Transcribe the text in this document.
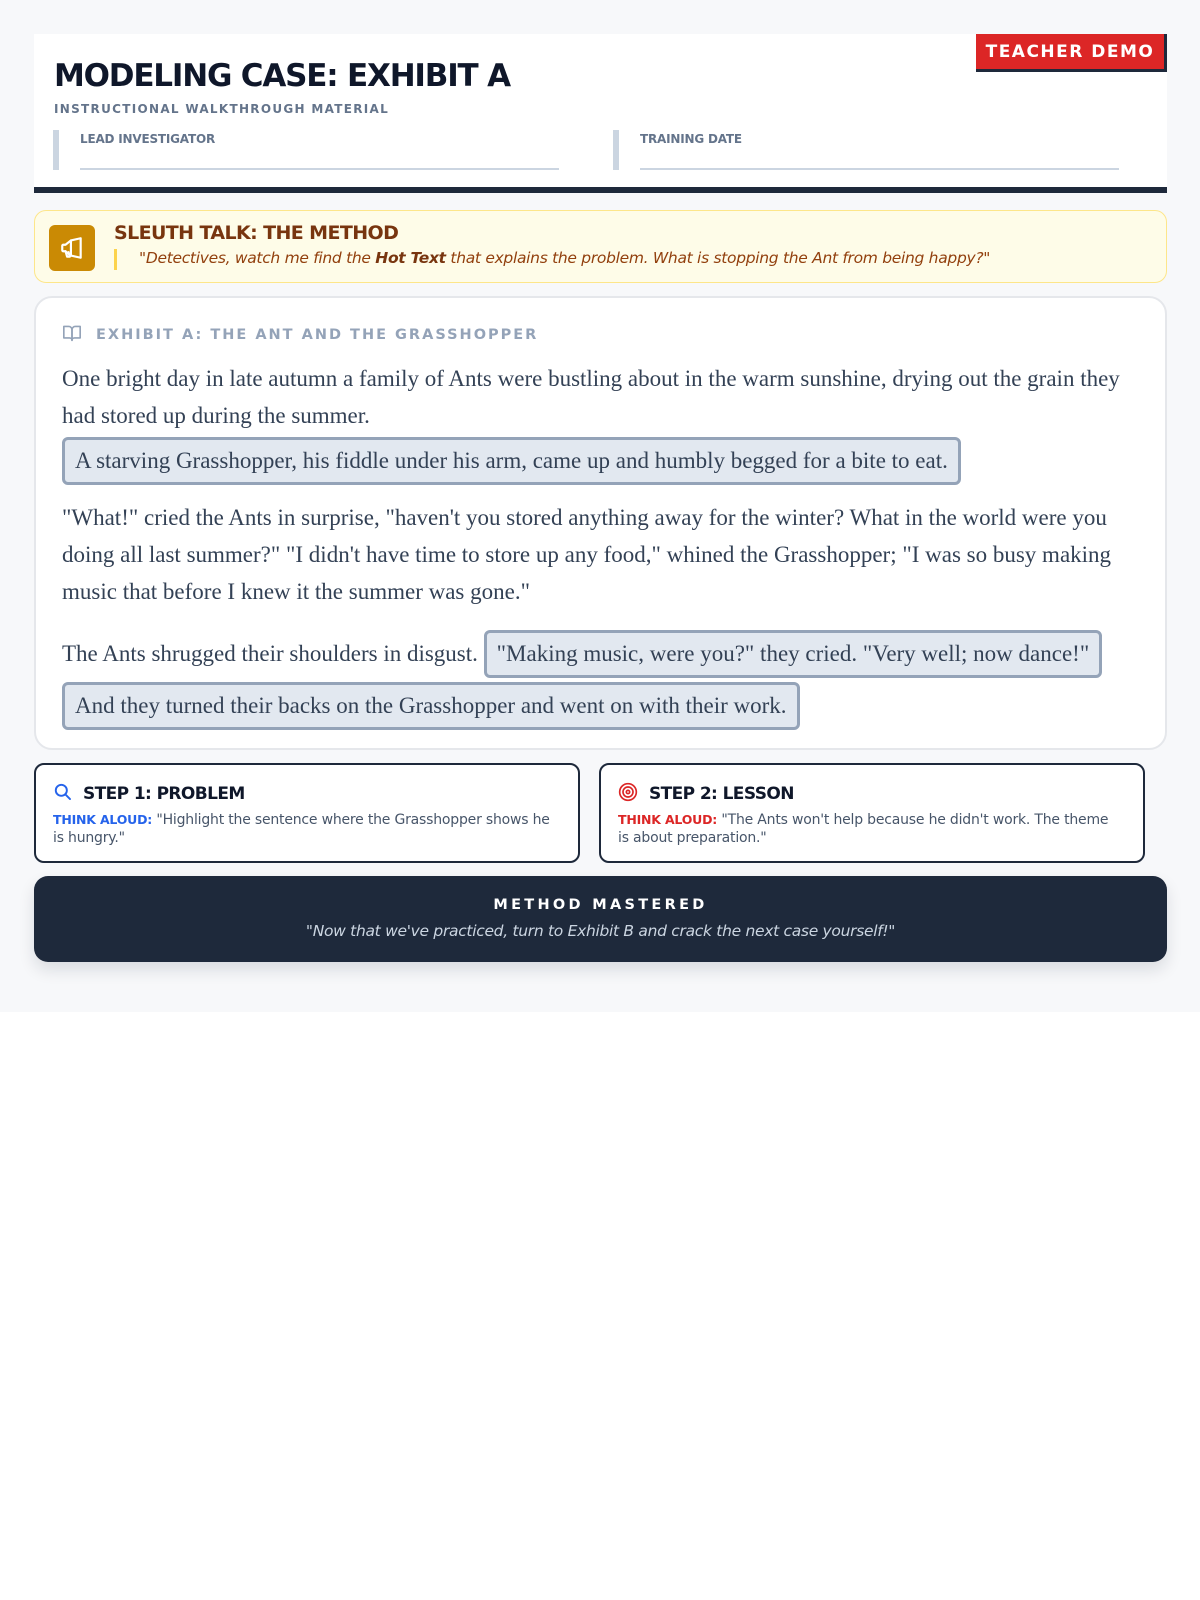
MODELING CASE: EXHIBIT A
INSTRUCTIONAL WALKTHROUGH MATERIAL
TEACHER DEMO
LEAD INVESTIGATOR	TRAINING DATE
SLEUTH TALK: THE METHOD
"Detectives, watch me find the Hot Text that explains the problem. What is stopping the Ant from being happy?"
EXHIBIT A: THE ANT AND THE GRASSHOPPER

One bright day in late autumn a family of Ants were bustling about in the warm sunshine, drying out the grain they had stored up during the summer.

A starving Grasshopper, his fiddle under his arm, came up and humbly begged for a bite to eat.

"What!" cried the Ants in surprise, "haven't you stored anything away for the winter? What in the world were you doing all last summer?" "I didn't have time to store up any food," whined the Grasshopper; "I was so busy making music that before I knew it the summer was gone."

The Ants shrugged their shoulders in disgust. "Making music, were you?" they cried. "Very well; now dance!"

And they turned their backs on the Grasshopper and went on with their work.

STEP 1: PROBLEM
THINK ALOUD: "Highlight the sentence where the Grasshopper shows he is hungry."
STEP 2: LESSON
THINK ALOUD: "The Ants won't help because he didn't work. The theme is about preparation."
METHOD MASTERED
"Now that we've practiced, turn to Exhibit B and crack the next case yourself!"
